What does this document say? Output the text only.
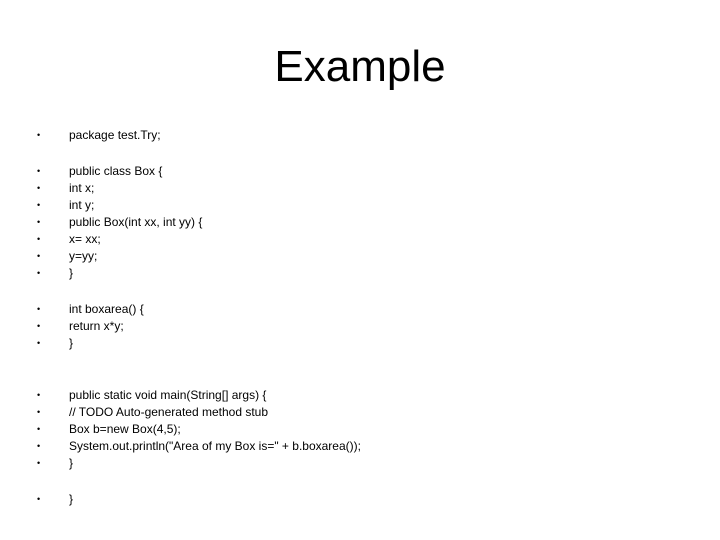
Example
•	package test.Try;
•	public class Box {
•	int x;
•	int y;
•	public Box(int xx, int yy) {
•	x= xx;
•	y=yy;
•	}
•	int boxarea() {
•	return x*y;
•	}
•	public static void main(String[] args) {
•	// TODO Auto-generated method stub
•	Box b=new Box(4,5);
•	System.out.println("Area of my Box is=" + b.boxarea());
•	}
•	}
